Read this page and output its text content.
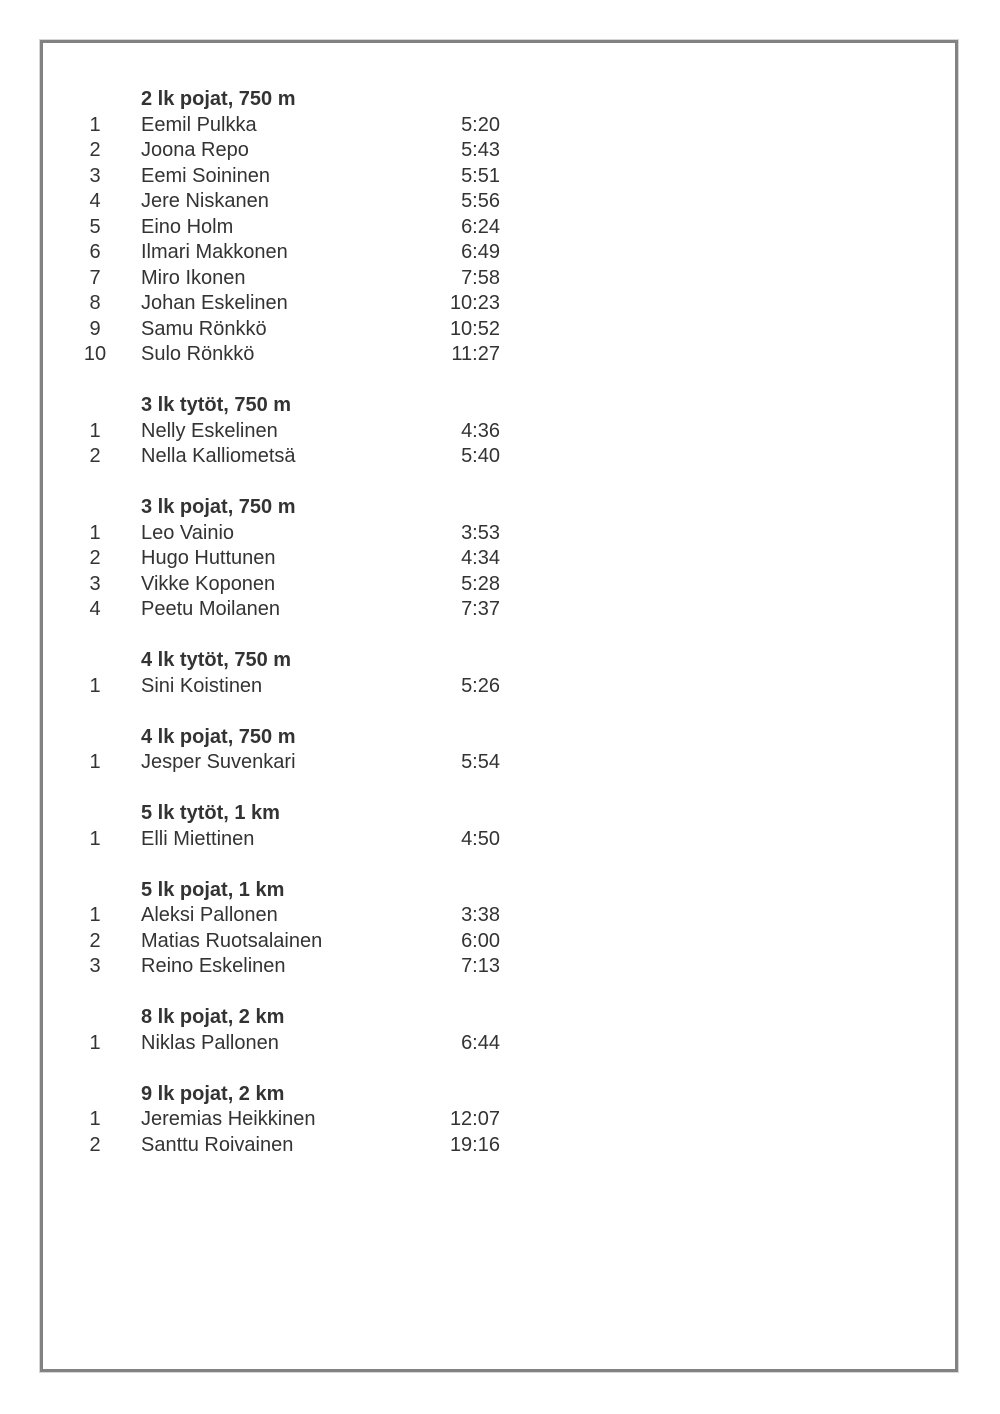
2 lk pojat, 750 m
1	Eemil Pulkka	5:20
2	Joona Repo	5:43
3	Eemi Soininen	5:51
4	Jere Niskanen	5:56
5	Eino Holm	6:24
6	Ilmari Makkonen	6:49
7	Miro Ikonen	7:58
8	Johan Eskelinen	10:23
9	Samu Rönkkö	10:52
10	Sulo Rönkkö	11:27
3 lk tytöt, 750 m
1	Nelly Eskelinen	4:36
2	Nella Kalliometsä	5:40
3 lk pojat, 750 m
1	Leo Vainio	3:53
2	Hugo Huttunen	4:34
3	Vikke Koponen	5:28
4	Peetu Moilanen	7:37
4 lk tytöt, 750 m
1	Sini Koistinen	5:26
4 lk pojat, 750 m
1	Jesper Suvenkari	5:54
5 lk tytöt, 1 km
1	Elli Miettinen	4:50
5 lk pojat, 1 km
1	Aleksi Pallonen	3:38
2	Matias Ruotsalainen	6:00
3	Reino Eskelinen	7:13
8 lk pojat, 2 km
1	Niklas Pallonen	6:44
9 lk pojat, 2 km
1	Jeremias Heikkinen	12:07
2	Santtu Roivainen	19:16
